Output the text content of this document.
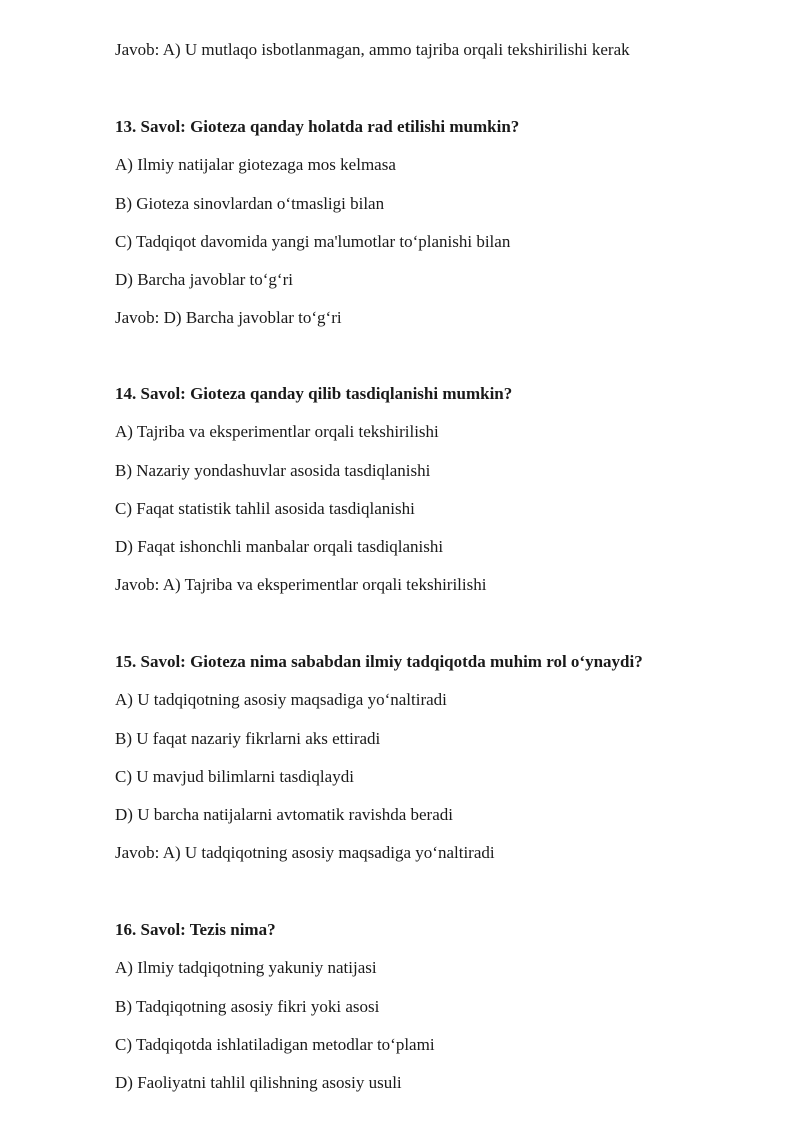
Javob: A) U mutlaqo isbotlanmagan, ammo tajriba orqali tekshirilishi kerak
13. Savol: Gioteza qanday holatda rad etilishi mumkin?
A) Ilmiy natijalar giotezaga mos kelmasa
B) Gioteza sinovlardan o‘tmasligi bilan
C) Tadqiqot davomida yangi ma'lumotlar to‘planishi bilan
D) Barcha javoblar to‘g‘ri
Javob: D) Barcha javoblar to‘g‘ri
14. Savol: Gioteza qanday qilib tasdiqlanishi mumkin?
A) Tajriba va eksperimentlar orqali tekshirilishi
B) Nazariy yondashuvlar asosida tasdiqlanishi
C) Faqat statistik tahlil asosida tasdiqlanishi
D) Faqat ishonchli manbalar orqali tasdiqlanishi
Javob: A) Tajriba va eksperimentlar orqali tekshirilishi
15. Savol: Gioteza nima sababdan ilmiy tadqiqotda muhim rol o‘ynaydi?
A) U tadqiqotning asosiy maqsadiga yo‘naltiradi
B) U faqat nazariy fikrlarni aks ettiradi
C) U mavjud bilimlarni tasdiqlaydi
D) U barcha natijalarni avtomatik ravishda beradi
Javob: A) U tadqiqotning asosiy maqsadiga yo‘naltiradi
16. Savol: Tezis nima?
A) Ilmiy tadqiqotning yakuniy natijasi
B) Tadqiqotning asosiy fikri yoki asosi
C) Tadqiqotda ishlatiladigan metodlar to‘plami
D) Faoliyatni tahlil qilishning asosiy usuli
